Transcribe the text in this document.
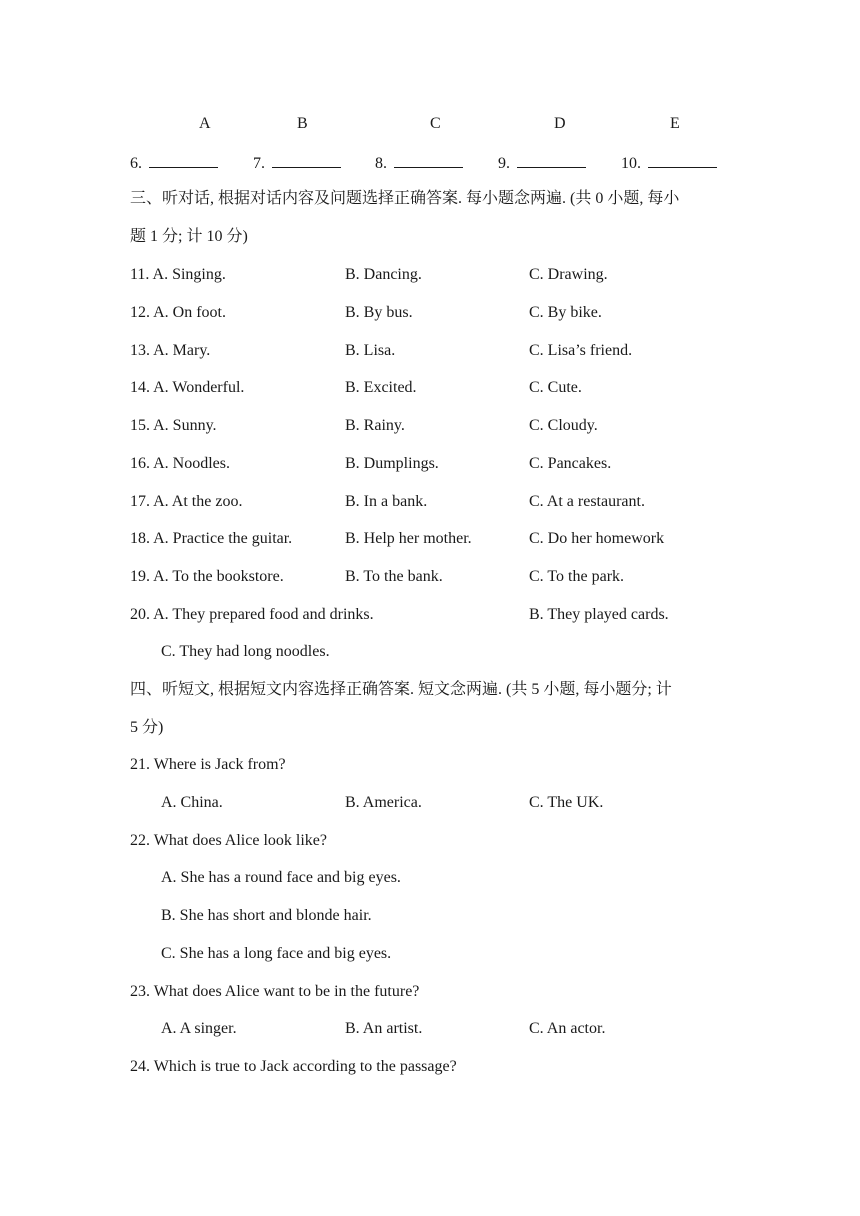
A	B	C	D	E
6.	7.	8.	9.	10.
三、听对话, 根据对话内容及问题选择正确答案. 每小题念两遍. (共 0 小题, 每小
题 1 分; 计 10 分)
11. A. Singing.	B. Dancing.	C. Drawing.
12. A. On foot.	B. By bus.	C. By bike.
13. A. Mary.	B. Lisa.	C. Lisa’s friend.
14. A. Wonderful.	B. Excited.	C. Cute.
15. A. Sunny.	B. Rainy.	C. Cloudy.
16. A. Noodles.	B. Dumplings.	C. Pancakes.
17. A. At the zoo.	B. In a bank.	C. At a restaurant.
18. A. Practice the guitar.	B. Help her mother.	C. Do her homework
19. A. To the bookstore.	B. To the bank.	C. To the park.
20. A. They prepared food and drinks.	B. They played cards.
C. They had long noodles.
四、听短文, 根据短文内容选择正确答案. 短文念两遍. (共 5 小题, 每小题分; 计
5 分)
21. Where is Jack from?
A. China.	B. America.	C. The UK.
22. What does Alice look like?
A. She has a round face and big eyes.
B. She has short and blonde hair.
C. She has a long face and big eyes.
23. What does Alice want to be in the future?
A. A singer.	B. An artist.	C. An actor.
24. Which is true to Jack according to the passage?
